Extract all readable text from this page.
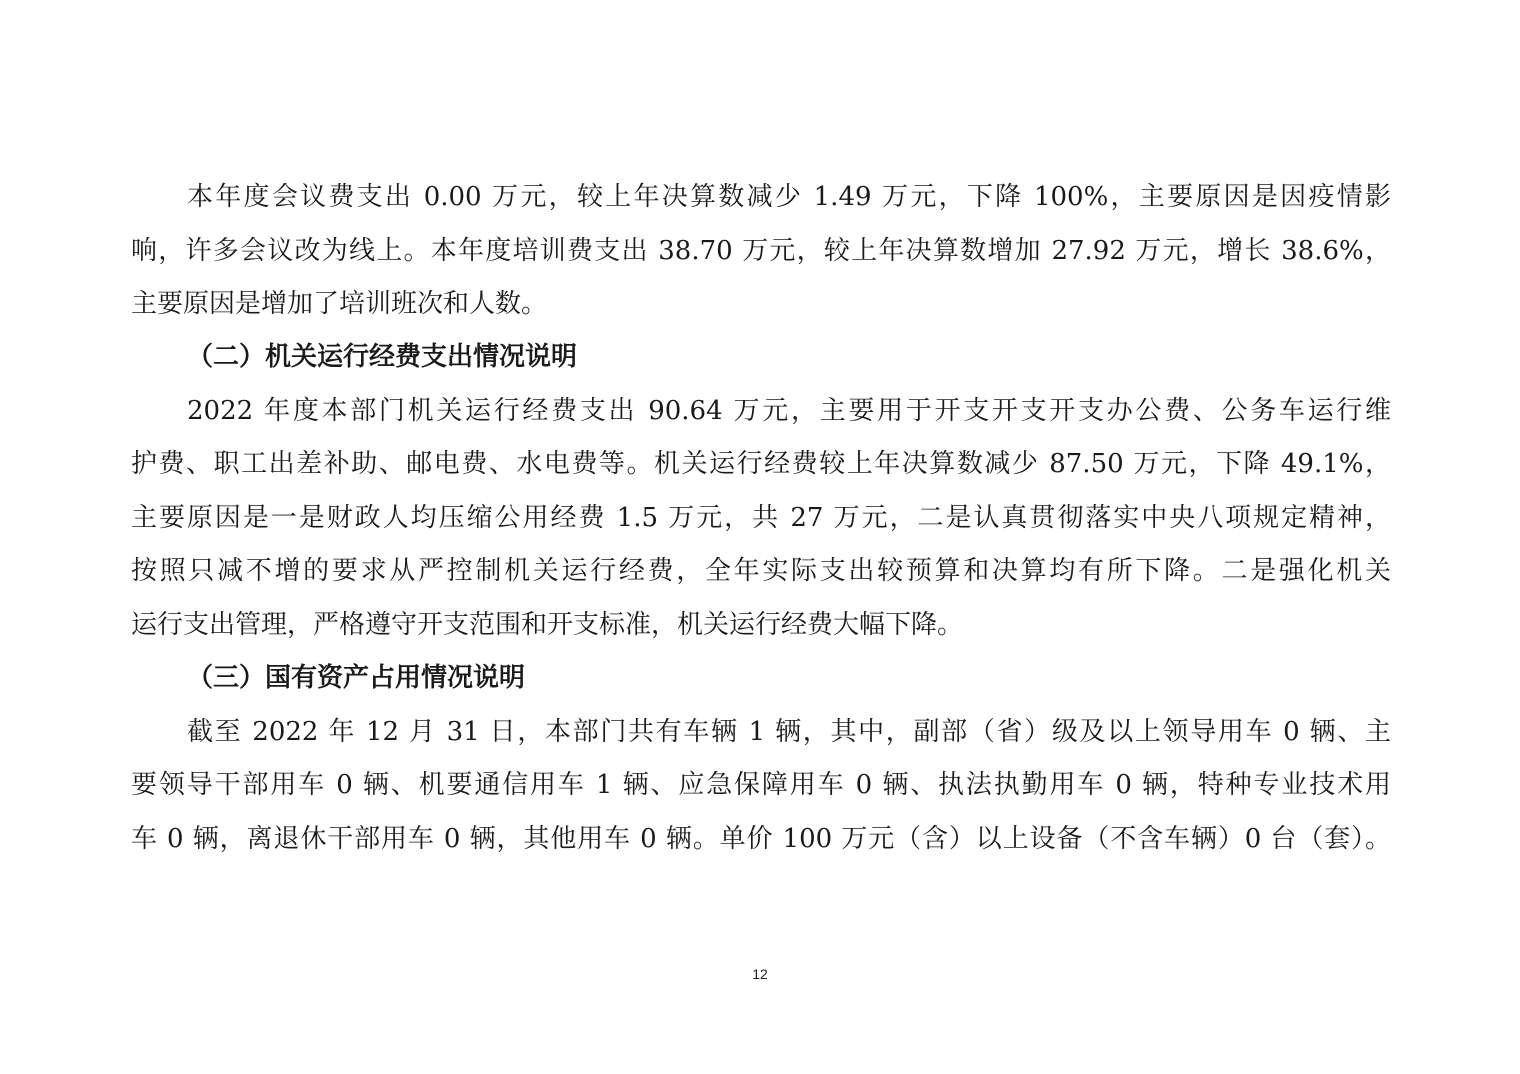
本年度会议费支出 0.00 万元，较上年决算数减少 1.49 万元，下降 100%，主要原因是因疫情影
响，许多会议改为线上。本年度培训费支出 38.70 万元，较上年决算数增加 27.92 万元，增长 38.6%，
主要原因是增加了培训班次和人数。
（二）机关运行经费支出情况说明
2022 年度本部门机关运行经费支出 90.64 万元，主要用于开支开支开支办公费、公务车运行维
护费、职工出差补助、邮电费、水电费等。机关运行经费较上年决算数减少 87.50 万元，下降 49.1%，
主要原因是一是财政人均压缩公用经费 1.5 万元，共 27 万元，二是认真贯彻落实中央八项规定精神，
按照只减不增的要求从严控制机关运行经费，全年实际支出较预算和决算均有所下降。二是强化机关
运行支出管理，严格遵守开支范围和开支标准，机关运行经费大幅下降。
（三）国有资产占用情况说明
截至 2022 年 12 月 31 日，本部门共有车辆 1 辆，其中，副部（省）级及以上领导用车 0 辆、主
要领导干部用车 0 辆、机要通信用车 1 辆、应急保障用车 0 辆、执法执勤用车 0 辆，特种专业技术用
车 0 辆，离退休干部用车 0 辆，其他用车 0 辆。单价 100 万元（含）以上设备（不含车辆）0 台（套）。
12
